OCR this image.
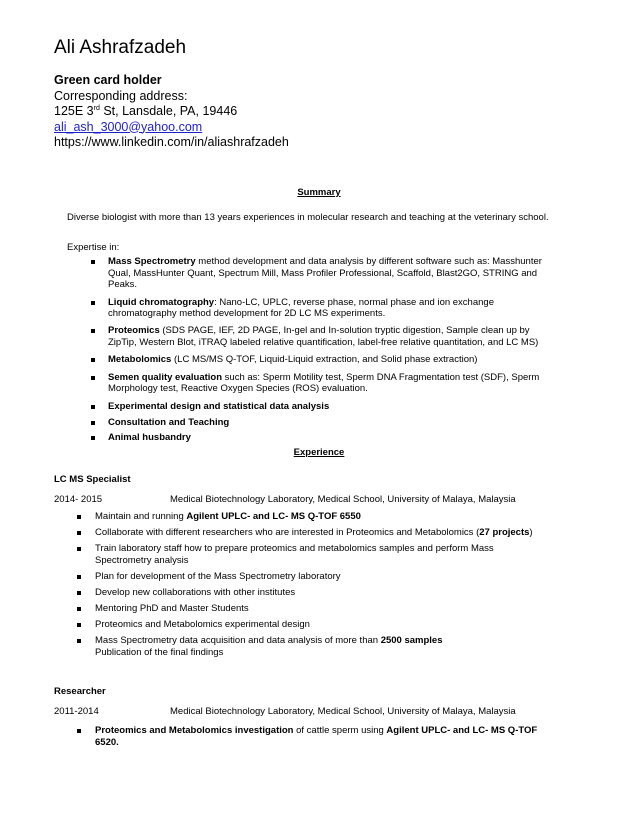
Ali Ashrafzadeh
Green card holder
Corresponding address:
125E 3rd St, Lansdale, PA, 19446
ali_ash_3000@yahoo.com
https://www.linkedin.com/in/aliashrafzadeh
Summary
Diverse biologist with more than 13 years experiences in molecular research and teaching at the veterinary school.
Expertise in:
Mass Spectrometry method development and data analysis by different software such as: Masshunter
Qual, MassHunter Quant, Spectrum Mill, Mass Profiler Professional, Scaffold, Blast2GO, STRING and
Peaks.
Liquid chromatography: Nano-LC, UPLC, reverse phase, normal phase and ion exchange
chromatography method development for 2D LC MS experiments.
Proteomics (SDS PAGE, IEF, 2D PAGE, In-gel and In-solution tryptic digestion, Sample clean up by
ZipTip, Western Blot, iTRAQ labeled relative quantification, label-free relative quantitation, and LC MS)
Metabolomics (LC MS/MS Q-TOF, Liquid-Liquid extraction, and Solid phase extraction)
Semen quality evaluation such as: Sperm Motility test, Sperm DNA Fragmentation test (SDF), Sperm
Morphology test, Reactive Oxygen Species (ROS) evaluation.
Experimental design and statistical data analysis
Consultation and Teaching
Animal husbandry
Experience
LC MS Specialist
2014- 2015	Medical Biotechnology Laboratory, Medical School, University of Malaya, Malaysia
Maintain and running Agilent UPLC- and LC- MS Q-TOF 6550
Collaborate with different researchers who are interested in Proteomics and Metabolomics (27 projects)
Train laboratory staff how to prepare proteomics and metabolomics samples and perform Mass
Spectrometry analysis
Plan for development of the Mass Spectrometry laboratory
Develop new collaborations with other institutes
Mentoring PhD and Master Students
Proteomics and Metabolomics experimental design
Mass Spectrometry data acquisition and data analysis of more than 2500 samples
Publication of the final findings
Researcher
2011-2014	Medical Biotechnology Laboratory, Medical School, University of Malaya, Malaysia
Proteomics and Metabolomics investigation of cattle sperm using Agilent UPLC- and LC- MS Q-TOF
6520.
